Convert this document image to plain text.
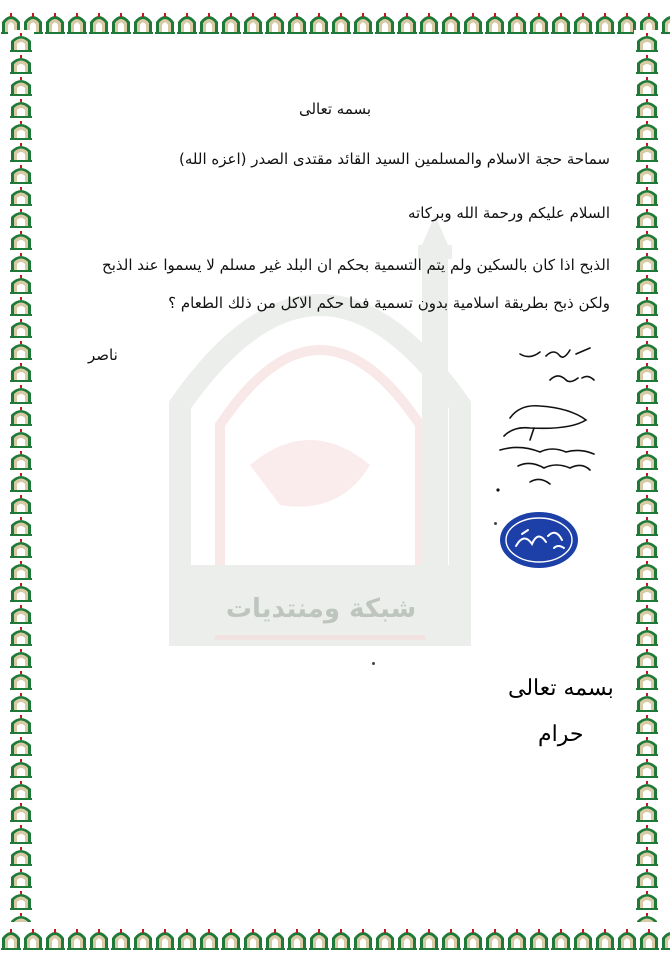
شبكة ومنتديات
بسمه تعالى
سماحة حجة الاسلام والمسلمين السيد القائد مقتدى الصدر (اعزه الله)
السلام عليكم ورحمة الله وبركاته
الذبح اذا كان بالسكين ولم يتم التسمية بحكم ان البلد غير مسلم لا يسموا عند الذبح
ولكن ذبح بطريقة اسلامية بدون تسمية فما حكم الاكل من ذلك الطعام ؟
ناصر
بسمه تعالى
حرام
